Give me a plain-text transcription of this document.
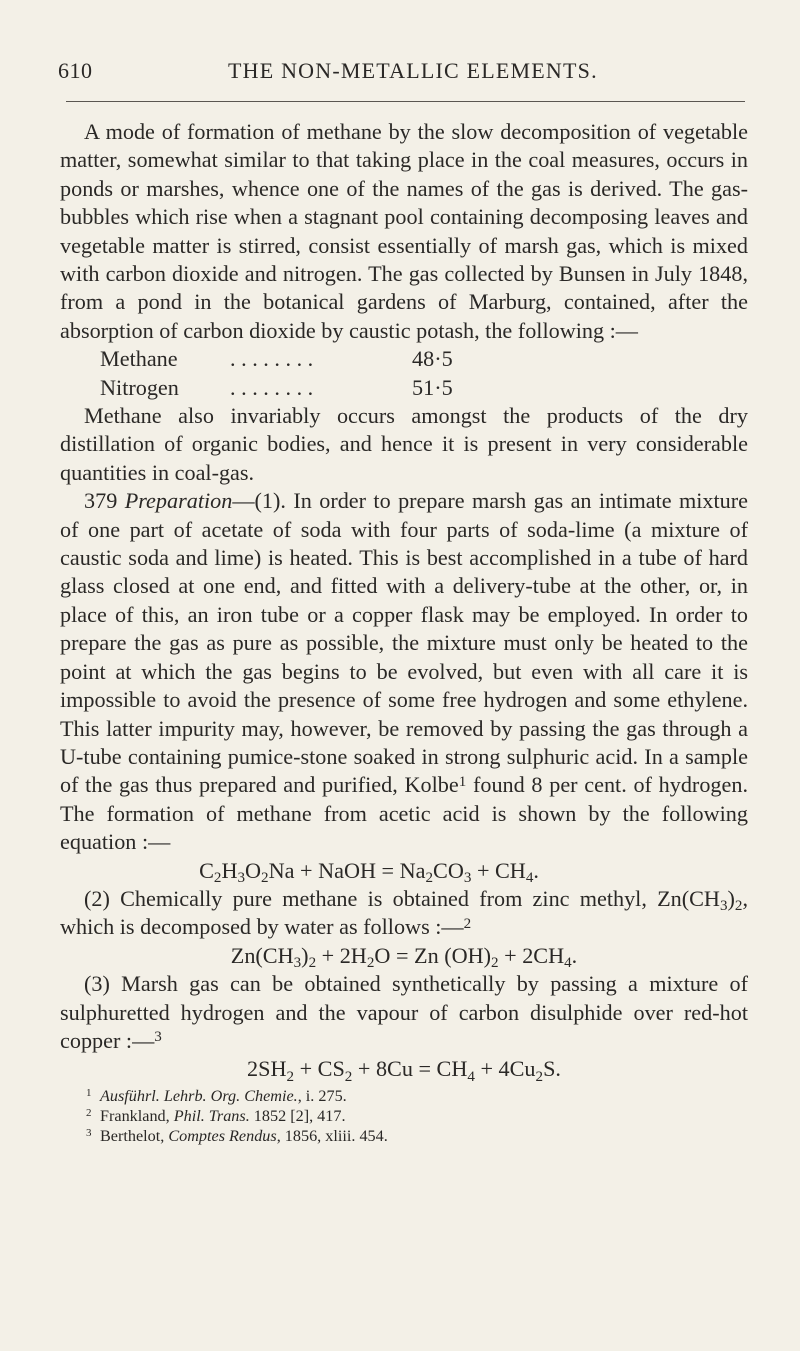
610	THE NON-METALLIC ELEMENTS.

A mode of formation of methane by the slow decomposition of vegetable matter, somewhat similar to that taking place in the coal measures, occurs in ponds or marshes, whence one of the names of the gas is derived. The gas-bubbles which rise when a stagnant pool containing decomposing leaves and vegetable matter is stirred, consist essentially of marsh gas, which is mixed with carbon dioxide and nitrogen. The gas collected by Bunsen in July 1848, from a pond in the botanical gardens of Marburg, contained, after the absorption of carbon dioxide by caustic potash, the following :—

Methane . . . . . . . .	48·5
Nitrogen . . . . . . . .	51·5

Methane also invariably occurs amongst the products of the dry distillation of organic bodies, and hence it is present in very considerable quantities in coal-gas.

379 Preparation—(1). In order to prepare marsh gas an intimate mixture of one part of acetate of soda with four parts of soda-lime (a mixture of caustic soda and lime) is heated. This is best accomplished in a tube of hard glass closed at one end, and fitted with a delivery-tube at the other, or, in place of this, an iron tube or a copper flask may be employed. In order to prepare the gas as pure as possible, the mixture must only be heated to the point at which the gas begins to be evolved, but even with all care it is impossible to avoid the presence of some free hydrogen and some ethylene. This latter impurity may, however, be removed by passing the gas through a U-tube containing pumice-stone soaked in strong sulphuric acid. In a sample of the gas thus prepared and purified, Kolbe$^1$ found 8 per cent. of hydrogen. The formation of methane from acetic acid is shown by the following equation :—

$C_2H_3O_2Na$ + NaOH = $Na_2CO_3 + CH_4$.

(2) Chemically pure methane is obtained from zinc methyl, $Zn(CH_3)_2$, which is decomposed by water as follows :—$^2$

$Zn(CH_3)_2 + 2H_2O = Zn$ $(OH)_2 + 2CH_4$.

(3) Marsh gas can be obtained synthetically by passing a mixture of sulphuretted hydrogen and the vapour of carbon disulphide over red-hot copper :—$^3$

$2SH_2 + CS_2 + 8Cu = CH_4 + 4Cu_2S$.

1 Ausführl. Lehrb. Org. Chemie., i. 275.
2 Frankland, Phil. Trans. 1852 [2], 417.
3 Berthelot, Comptes Rendus, 1856, xliii. 454.
